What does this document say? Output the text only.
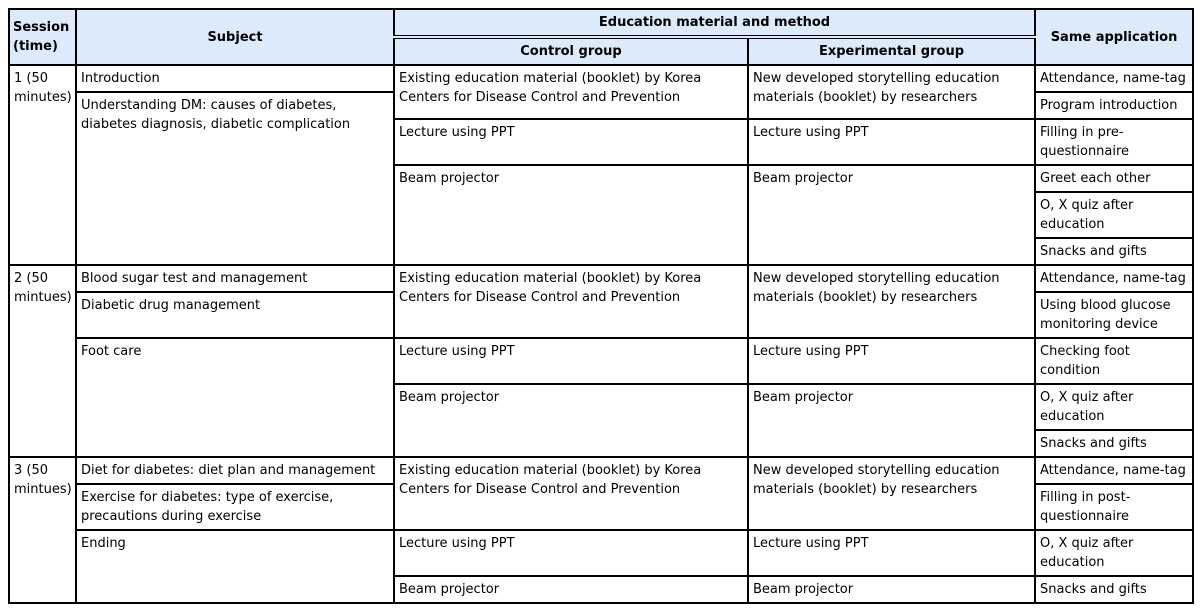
Session (time)	Subject	Education material and method		Same application
		Control group	Experimental group	
1 (50 minutes)	Introduction	Existing education material (booklet) by Korea Centers for Disease Control and Prevention	New developed storytelling education materials (booklet) by researchers	Attendance, name-tag
	Understanding DM: causes of diabetes, diabetes diagnosis, diabetic complication			Program introduction
		Lecture using PPT	Lecture using PPT	Filling in pre-questionnaire
		Beam projector	Beam projector	Greet each other
				O, X quiz after education
				Snacks and gifts
2 (50 mintues)	Blood sugar test and management	Existing education material (booklet) by Korea Centers for Disease Control and Prevention	New developed storytelling education materials (booklet) by researchers	Attendance, name-tag
	Diabetic drug management			Using blood glucose monitoring device
	Foot care	Lecture using PPT	Lecture using PPT	Checking foot condition
		Beam projector	Beam projector	O, X quiz after education
				Snacks and gifts
3 (50 mintues)	Diet for diabetes: diet plan and management	Existing education material (booklet) by Korea Centers for Disease Control and Prevention	New developed storytelling education materials (booklet) by researchers	Attendance, name-tag
	Exercise for diabetes: type of exercise, precautions during exercise			Filling in post-questionnaire
	Ending	Lecture using PPT	Lecture using PPT	O, X quiz after education
		Beam projector	Beam projector	Snacks and gifts
